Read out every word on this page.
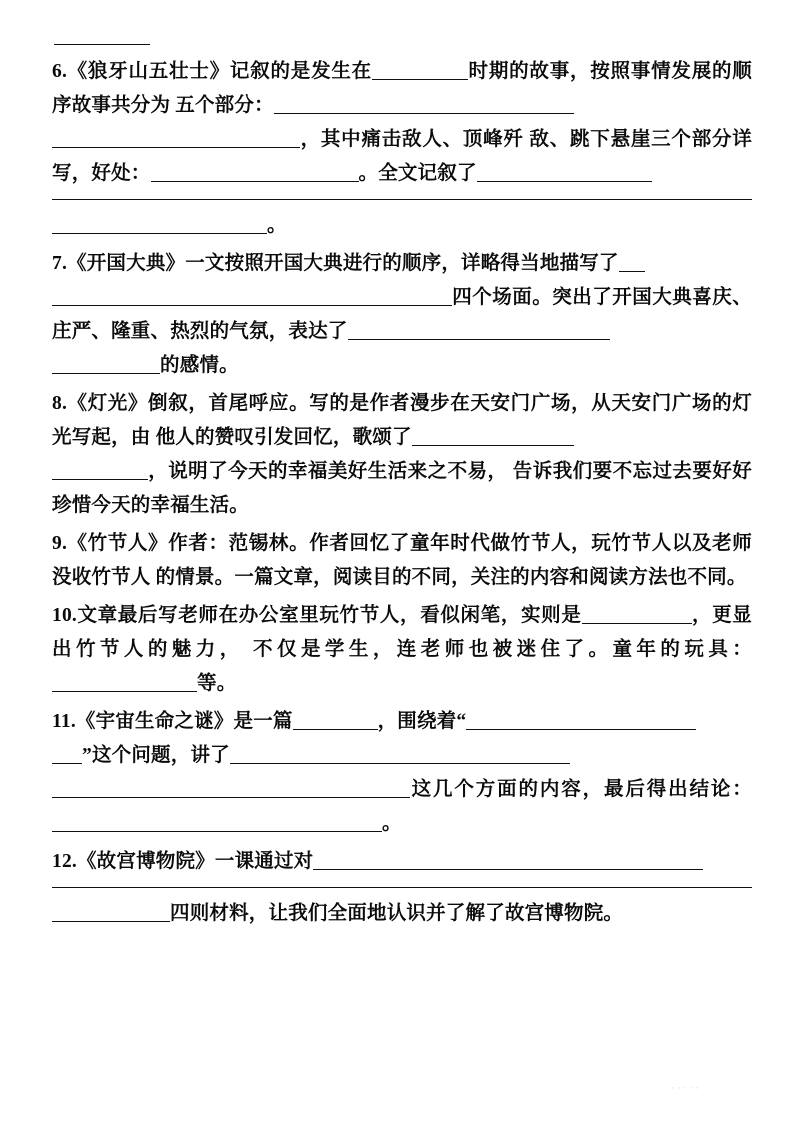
6.《狼牙山五壮士》记叙的是发生在	时期的故事，按照事情发展的顺序故事共分为 五个部分：
，其中痛击敌人、顶峰歼 敌、跳下悬崖三个部分详写，好处：	。全文记叙了
。

7.《开国大典》一文按照开国大典进行的顺序，详略得当地描写了
四个场面。突出了开国大典喜庆、庄严、隆重、热烈的气氛，表达了
的感情。

8.《灯光》倒叙，首尾呼应。写的是作者漫步在天安门广场，从天安门广场的灯光写起，由 他人的赞叹引发回忆，歌颂了
，说明了今天的幸福美好生活来之不易， 告诉我们要不忘过去要好好珍惜今天的幸福生活。

9.《竹节人》作者：范锡林。作者回忆了童年时代做竹节人，玩竹节人以及老师没收竹节人 的情景。一篇文章，阅读目的不同，关注的内容和阅读方法也不同。

10.文章最后写老师在办公室里玩竹节人，看似闲笔，实则是	，更显出竹节人的魅力， 不仅是学生，连老师也被迷住了。童年的玩具：等。

11.《宇宙生命之谜》是一篇	，围绕着“
”这个问题，讲了
这几个方面的内容，最后得出结论：。

12.《故宫博物院》一课通过对
四则材料，让我们全面地认识并了解了故宫博物院。

·····
